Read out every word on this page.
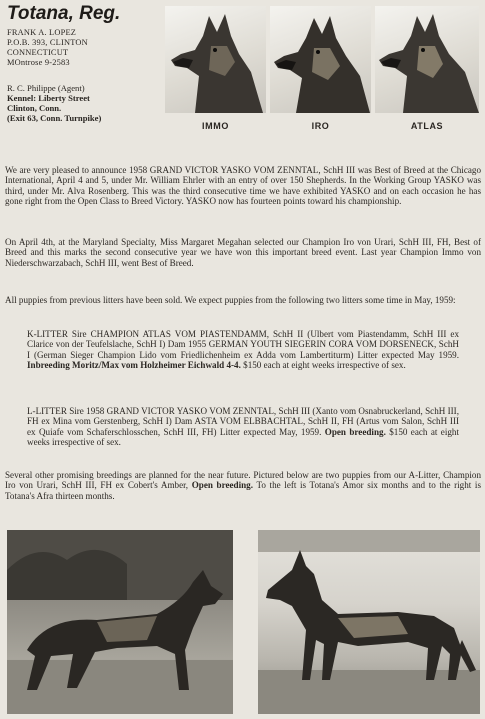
Totana, Reg.
FRANK A. LOPEZ
P.O.B. 393, CLINTON
CONNECTICUT
MOntrose 9-2583
R. C. Philippe (Agent)
Kennel: Liberty Street
Clinton, Conn.
(Exit 63, Conn. Turnpike)
IMMO	IRO	ATLAS
We are very pleased to announce 1958 GRAND VICTOR YASKO VOM ZENNTAL, SchH III was Best of Breed at the Chicago International, April 4 and 5, under Mr. William Ehrler with an entry of over 150 Shepherds. In the Working Group YASKO was third, under Mr. Alva Rosenberg. This was the third consecutive time we have exhibited YASKO and on each occasion he has gone right from the Open Class to Breed Victory. YASKO now has fourteen points toward his championship.
On April 4th, at the Maryland Specialty, Miss Margaret Megahan selected our Champion Iro von Urari, SchH III, FH, Best of Breed and this marks the second consecutive year we have won this important breed event. Last year Champion Immo von Niederschwarzabach, SchH III, went Best of Breed.
All puppies from previous litters have been sold. We expect puppies from the following two litters some time in May, 1959:
K-LITTER Sire CHAMPION ATLAS VOM PIASTENDAMM, SchH II (Ulbert vom Piastendamm, SchH III ex Clarice von der Teufelslache, SchH I) Dam 1955 GERMAN YOUTH SIEGERIN CORA VOM DORSENECK, SchH I (German Sieger Champion Lido vom Friedlichenheim ex Adda vom Lambertiturm) Litter expected May 1959. Inbreeding Moritz/Max vom Holzheimer Eichwald 4-4. $150 each at eight weeks irrespective of sex.
L-LITTER Sire 1958 GRAND VICTOR YASKO VOM ZENNTAL, SchH III (Xanto vom Osnabruckerland, SchH III, FH ex Mina vom Gerstenberg, SchH I) Dam ASTA VOM ELBBACHTAL, SchH II, FH (Artus vom Salon, SchH III ex Quiafe vom Schaferschlosschen, SchH III, FH) Litter expected May, 1959. Open breeding. $150 each at eight weeks irrespective of sex.
Several other promising breedings are planned for the near future. Pictured below are two puppies from our A-Litter, Champion Iro von Urari, SchH III, FH ex Cobert's Amber, Open breeding. To the left is Totana's Amor six months and to the right is Totana's Afra thirteen months.
